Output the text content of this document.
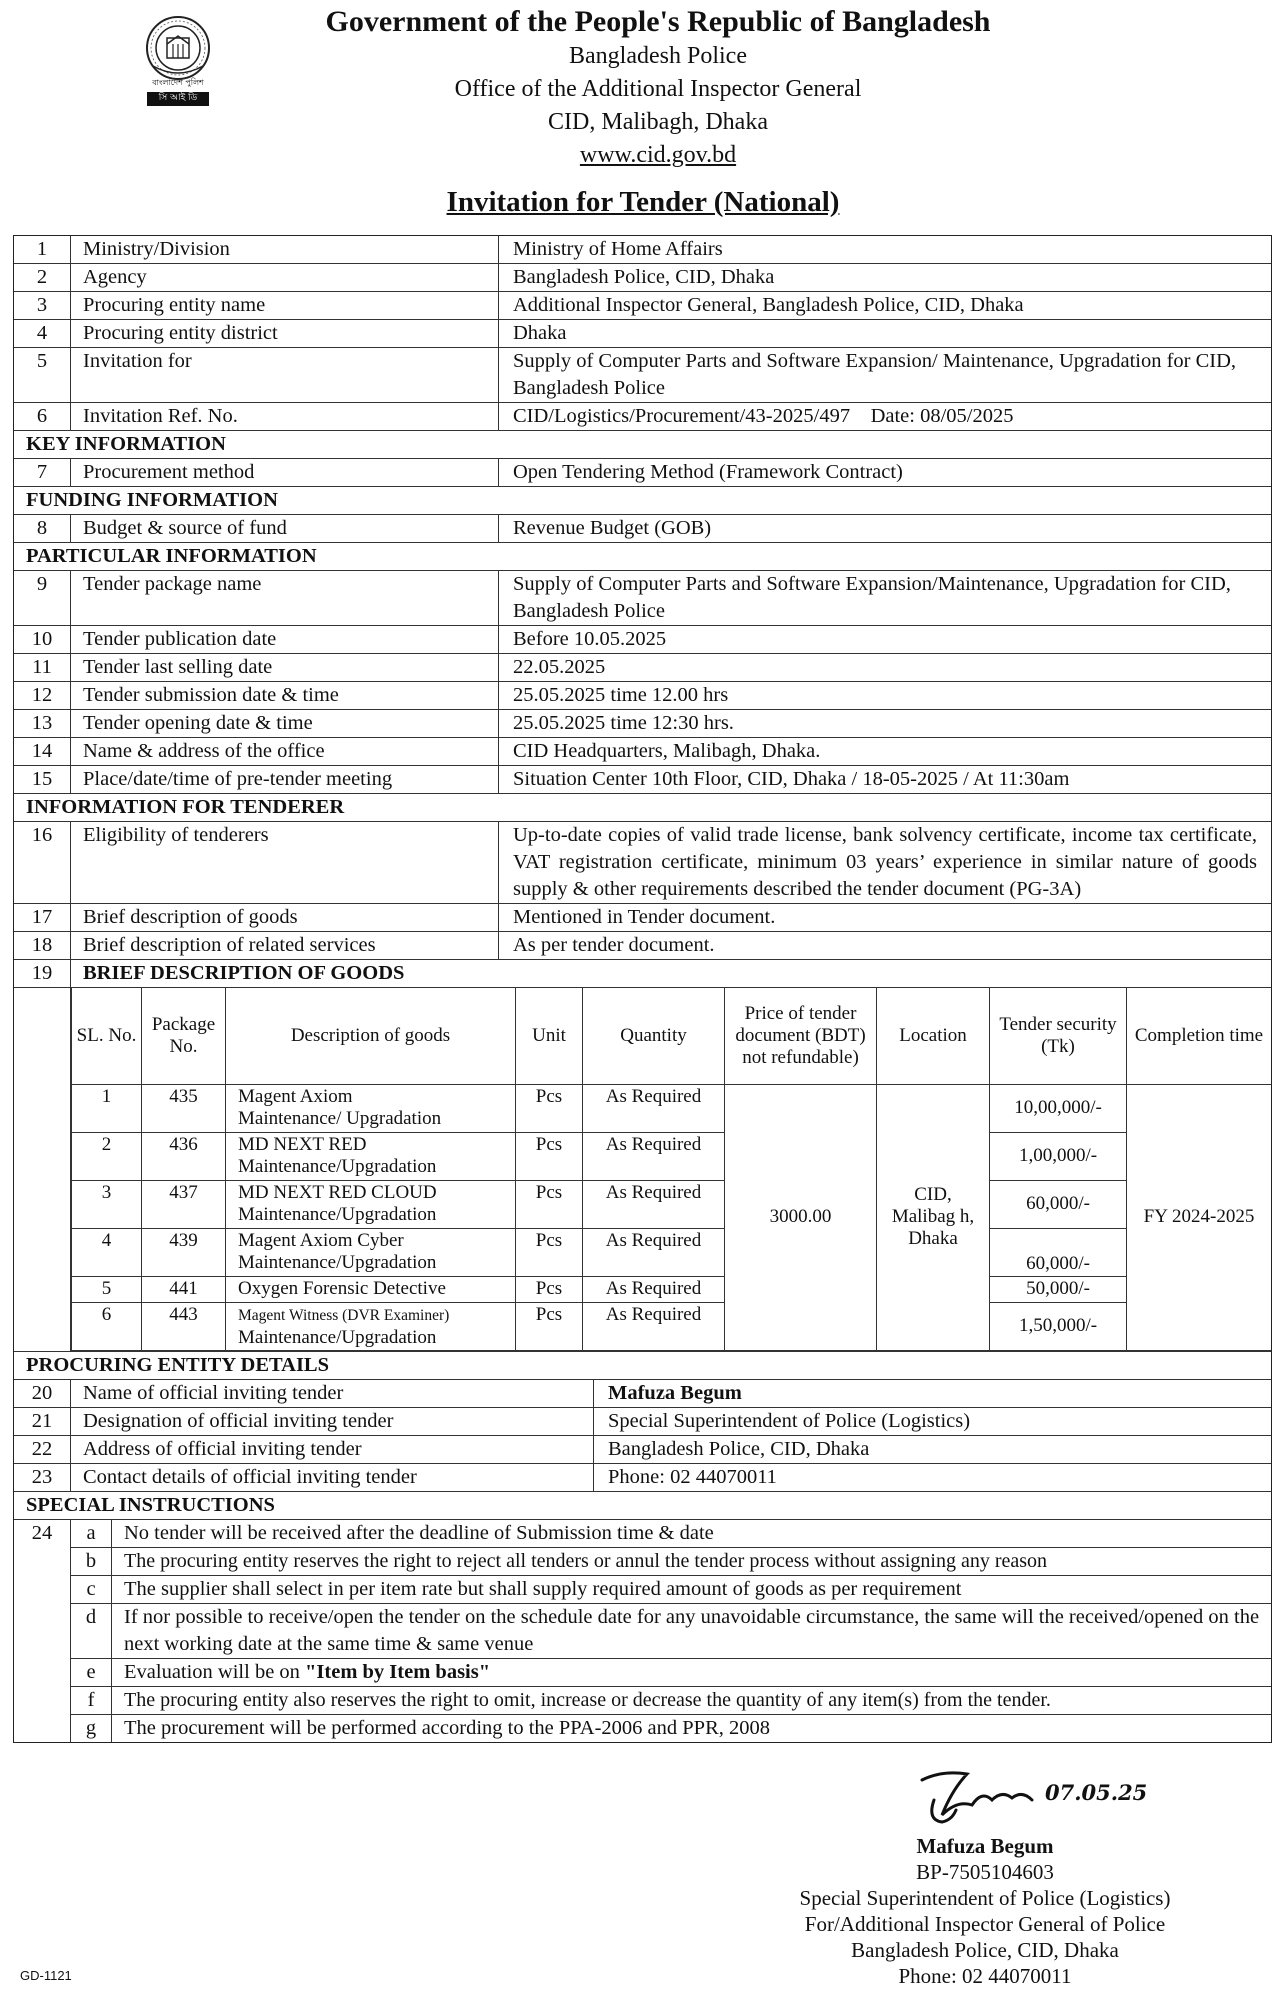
বাংলাদেশ পুলিশ
সি আই ডি
Government of the People's Republic of Bangladesh
Bangladesh Police
Office of the Additional Inspector General
CID, Malibagh, Dhaka
www.cid.gov.bd
Invitation for Tender (National)
1	Ministry/Division	Ministry of Home Affairs
2	Agency	Bangladesh Police, CID, Dhaka
3	Procuring entity name	Additional Inspector General, Bangladesh Police, CID, Dhaka
4	Procuring entity district	Dhaka
5	Invitation for	Supply of Computer Parts and Software Expansion/ Maintenance, Upgradation for CID, Bangladesh Police
6	Invitation Ref. No.	CID/Logistics/Procurement/43-2025/497 Date: 08/05/2025
KEY INFORMATION
7	Procurement method	Open Tendering Method (Framework Contract)
FUNDING INFORMATION
8	Budget & source of fund	Revenue Budget (GOB)
PARTICULAR INFORMATION
9	Tender package name	Supply of Computer Parts and Software Expansion/Maintenance, Upgradation for CID, Bangladesh Police
10	Tender publication date	Before 10.05.2025
11	Tender last selling date	22.05.2025
12	Tender submission date & time	25.05.2025 time 12.00 hrs
13	Tender opening date & time	25.05.2025 time 12:30 hrs.
14	Name & address of the office	CID Headquarters, Malibagh, Dhaka.
15	Place/date/time of pre-tender meeting	Situation Center 10th Floor, CID, Dhaka / 18-05-2025 / At 11:30am
INFORMATION FOR TENDERER
16	Eligibility of tenderers	Up-to-date copies of valid trade license, bank solvency certificate, income tax certificate, VAT registration certificate, minimum 03 years’ experience in similar nature of goods supply & other requirements described the tender document (PG-3A)
17	Brief description of goods	Mentioned in Tender document.
18	Brief description of related services	As per tender document.
19	BRIEF DESCRIPTION OF GOODS
SL. No.	Package No.	Description of goods	Unit	Quantity	Price of tender document (BDT) not refundable)	Location	Tender security (Tk)	Completion time
1	435	Magent Axiom
Maintenance/ Upgradation	Pcs	As Required	3000.00	CID, Malibag h, Dhaka	10,00,000/-	FY 2024-2025
2	436	MD NEXT RED
Maintenance/Upgradation	Pcs	As Required			1,00,000/-	
3	437	MD NEXT RED CLOUD
Maintenance/Upgradation	Pcs	As Required			60,000/-	
4	439	Magent Axiom Cyber
Maintenance/Upgradation	Pcs	As Required			60,000/-	
5	441	Oxygen Forensic Detective	Pcs	As Required			50,000/-	
6	443	Magent Witness (DVR Examiner)
Maintenance/Upgradation	Pcs	As Required			1,50,000/-	
PROCURING ENTITY DETAILS
20	Name of official inviting tender	Mafuza Begum
21	Designation of official inviting tender	Special Superintendent of Police (Logistics)
22	Address of official inviting tender	Bangladesh Police, CID, Dhaka
23	Contact details of official inviting tender	Phone: 02 44070011
SPECIAL INSTRUCTIONS
24	a	No tender will be received after the deadline of Submission time & date
b	The procuring entity reserves the right to reject all tenders or annul the tender process without assigning any reason
c	The supplier shall select in per item rate but shall supply required amount of goods as per requirement
d	If nor possible to receive/open the tender on the schedule date for any unavoidable circumstance, the same will the received/opened on the next working date at the same time & same venue
e	Evaluation will be on "Item by Item basis"
f	The procuring entity also reserves the right to omit, increase or decrease the quantity of any item(s) from the tender.
g	The procurement will be performed according to the PPA-2006 and PPR, 2008
07.05.25
Mafuza Begum
BP-7505104603
Special Superintendent of Police (Logistics)
For/Additional Inspector General of Police
Bangladesh Police, CID, Dhaka
Phone: 02 44070011
GD-1121
